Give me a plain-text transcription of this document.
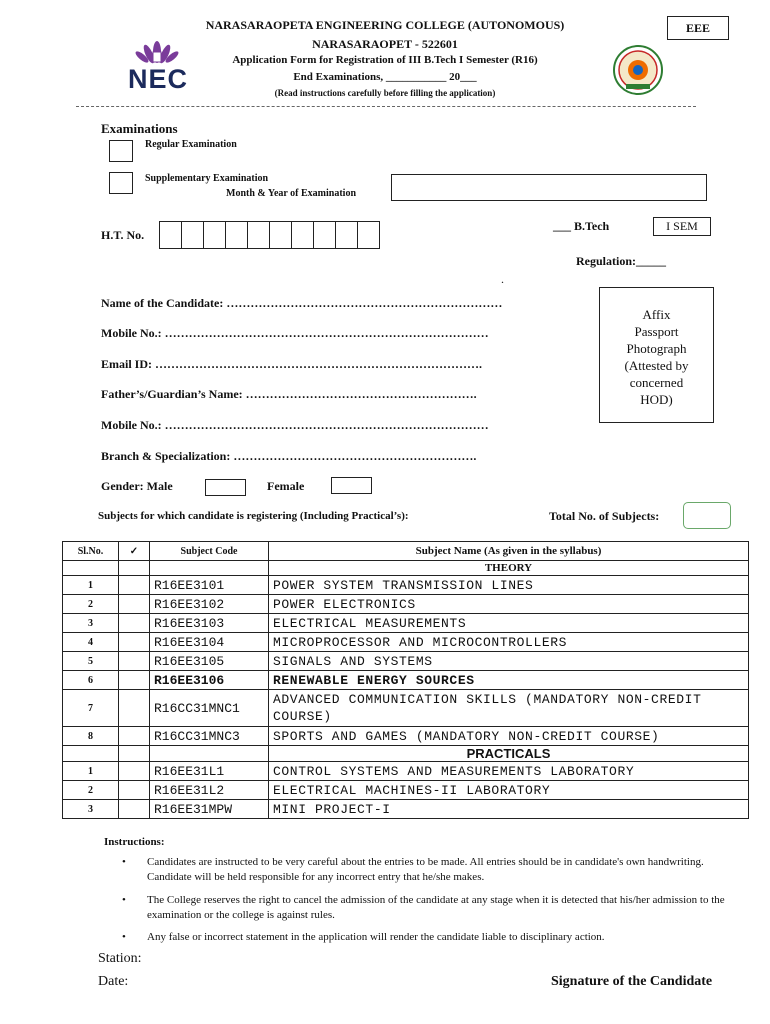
NARASARAOPETA ENGINEERING COLLEGE (AUTONOMOUS)
NARASARAOPET - 522601
Application Form for Registration of III B.Tech I Semester (R16)
End Examinations, ___________ 20___
(Read instructions carefully before filling the application)
EEE
NEC
Examinations
Regular Examination
Supplementary Examination
Month & Year of Examination
H.T. No.
___ B.Tech	I SEM
Regulation:_____
.
Name of the Candidate: ……………………………………………………………
Mobile No.: ………………………………………………………………………
Email ID: ……………………………………………………………………….
Father’s/Guardian’s Name: ………………………………………………….
Mobile No.: ………………………………………………………………………
Branch & Specialization: …………………………………………………….
Gender: Male	Female
Affix
Passport
Photograph
(Attested by
concerned
HOD)
Subjects for which candidate is registering (Including Practical’s):	Total No. of Subjects:
Sl.No.	✓	Subject Code	Subject Name (As given in the syllabus)
			THEORY
1		R16EE3101	POWER SYSTEM TRANSMISSION LINES
2		R16EE3102	POWER ELECTRONICS
3		R16EE3103	ELECTRICAL MEASUREMENTS
4		R16EE3104	MICROPROCESSOR AND MICROCONTROLLERS
5		R16EE3105	SIGNALS AND SYSTEMS
6		R16EE3106	RENEWABLE ENERGY SOURCES
7		R16CC31MNC1	ADVANCED COMMUNICATION SKILLS (MANDATORY NON-CREDIT COURSE)
8		R16CC31MNC3	SPORTS AND GAMES (MANDATORY NON-CREDIT COURSE)
			PRACTICALS
1		R16EE31L1	CONTROL SYSTEMS AND MEASUREMENTS LABORATORY
2		R16EE31L2	ELECTRICAL MACHINES-II LABORATORY
3		R16EE31MPW	MINI PROJECT-I
Instructions:
• Candidates are instructed to be very careful about the entries to be made. All entries should be in candidate's own handwriting. Candidate will be held responsible for any incorrect entry that he/she makes.
• The College reserves the right to cancel the admission of the candidate at any stage when it is detected that his/her admission to the examination or the college is against rules.
• Any false or incorrect statement in the application will render the candidate liable to disciplinary action.
Station:
Date:	Signature of the Candidate
